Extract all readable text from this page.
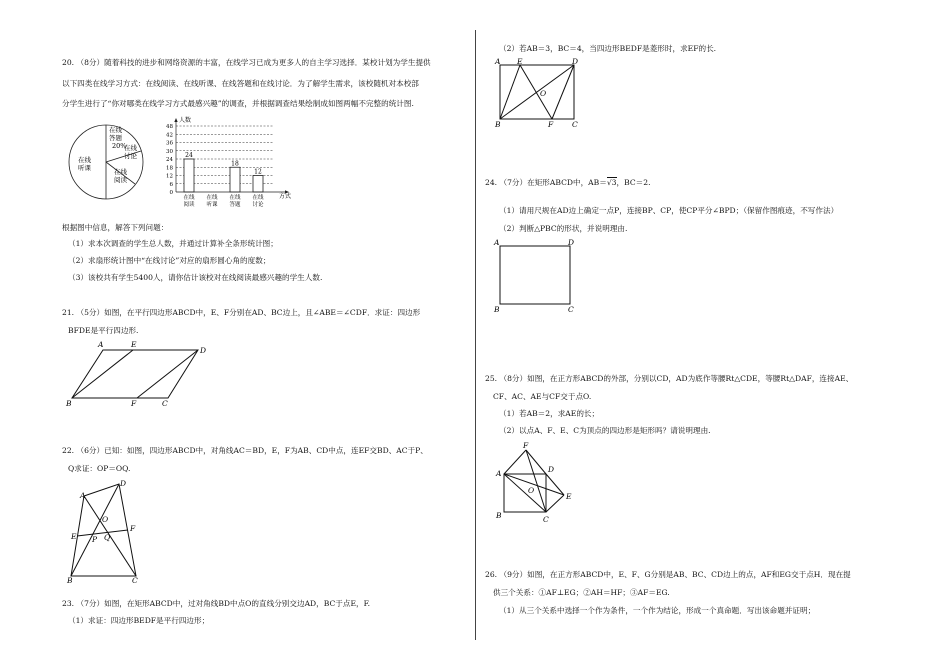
20. （8分）随着科技的进步和网络资源的丰富，在线学习已成为更多人的自主学习选择．某校计划为学生提供
以下四类在线学习方式：在线阅读、在线听课、在线答题和在线讨论．为了解学生需求，该校随机对本校部
分学生进行了“你对哪类在线学习方式最感兴趣”的调查，并根据调查结果绘制成如图两幅不完整的统计图.
在线
答题
20%
在线
讨论
在线
阅读
在线
听课
人数
方式
0
6
12
18
24
30
36
42
48
24
18
12
在线
阅读
在线
听课
在线
答题
在线
讨论
根据图中信息，解答下列问题：
（1）求本次调查的学生总人数，并通过计算补全条形统计图；
（2）求扇形统计图中“在线讨论”对应的扇形圆心角的度数；
（3）该校共有学生5400人，请你估计该校对在线阅读最感兴趣的学生人数.
21. （5分）如图，在平行四边形ABCD中，E、F分别在AD、BC边上，且∠ABE＝∠CDF．求证：四边形
BFDE是平行四边形.
A	E
D
B	F	C
22. （6分）已知：如图，四边形ABCD中，对角线AC＝BD，E，F为AB、CD中点，连EF交BD、AC于P、
Q求证：OP＝OQ.
A
D
O
E P Q
F
B	C
23. （7分）如图，在矩形ABCD中，过对角线BD中点O的直线分别交边AD，BC于点E，F.
（1）求证：四边形BEDF是平行四边形；
（2）若AB＝3，BC＝4，当四边形BEDF是菱形时，求EF的长.
A E	D
O
B	F	C
24. （7分）在矩形ABCD中，AB＝√3，BC＝2.
（1）请用尺规在AD边上确定一点P，连接BP、CP，使CP平分∠BPD；（保留作图痕迹，不写作法）
（2）判断△PBC的形状，并说明理由.
A	D
B	C
25. （8分）如图，在正方形ABCD的外部，分别以CD，AD为底作等腰Rt△CDE，等腰Rt△DAF，连接AE、
CF、AC、AE与CF交于点O.
（1）若AB＝2，求AE的长；
（2）以点A、F、E、C为顶点的四边形是矩形吗？请说明理由.
F
A	D
O
E
B	C
26. （9分）如图，在正方形ABCD中，E、F、G分别是AB、BC、CD边上的点，AF和EG交于点H．现在提
供三个关系：①AF⊥EG；②AH＝HF；③AF＝EG.
（1）从三个关系中选择一个作为条件，一个作为结论，形成一个真命题．写出该命题并证明；
